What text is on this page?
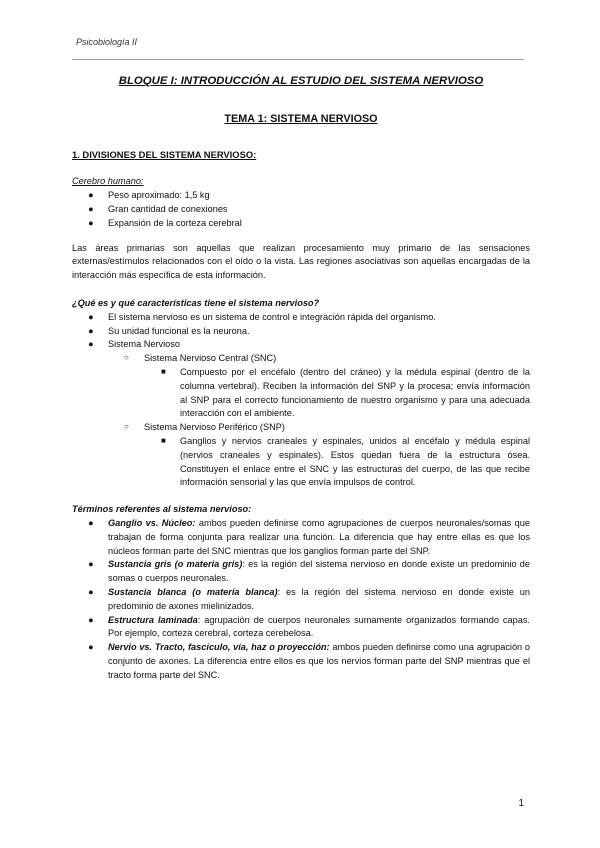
Psicobiología II

BLOQUE I: INTRODUCCIÓN AL ESTUDIO DEL SISTEMA NERVIOSO

TEMA 1: SISTEMA NERVIOSO

1. DIVISIONES DEL SISTEMA NERVIOSO:

Cerebro humano:

● Peso aproximado: 1,5 kg
● Gran cantidad de conexiones
● Expansión de la corteza cerebral

Las áreas primarias son aquellas que realizan procesamiento muy primario de las sensaciones externas/estímulos relacionados con el oído o la vista. Las regiones asociativas son aquellas encargadas de la interacción más específica de esta información.

¿Qué es y qué características tiene el sistema nervioso?

● El sistema nervioso es un sistema de control e integración rápida del organismo.
● Su unidad funcional es la neurona.
● Sistema Nervioso
○ Sistema Nervioso Central (SNC)
■ Compuesto por el encéfalo (dentro del cráneo) y la médula espinal (dentro de la columna vertebral). Reciben la información del SNP y la procesa; envía información al SNP para el correcto funcionamiento de nuestro organismo y para una adecuada interacción con el ambiente.
○ Sistema Nervioso Periférico (SNP)
■ Ganglios y nervios craneales y espinales, unidos al encéfalo y médula espinal (nervios craneales y espinales). Estos quedan fuera de la estructura ósea. Constituyen el enlace entre el SNC y las estructuras del cuerpo, de las que recibe información sensorial y las que envía impulsos de control.

Términos referentes al sistema nervioso:

● Ganglio vs. Núcleo: ambos pueden definirse como agrupaciones de cuerpos neuronales/somas que trabajan de forma conjunta para realizar una función. La diferencia que hay entre ellas es que los núcleos forman parte del SNC mientras que los ganglios forman parte del SNP.
● Sustancia gris (o materia gris): es la región del sistema nervioso en donde existe un predominio de somas o cuerpos neuronales.
● Sustancia blanca (o materia blanca): es la región del sistema nervioso en donde existe un predominio de axones mielinizados.
● Estructura laminada: agrupación de cuerpos neuronales sumamente organizados formando capas. Por ejemplo, corteza cerebral, corteza cerebelosa.
● Nervio vs. Tracto, fascículo, vía, haz o proyección: ambos pueden definirse como una agrupación o conjunto de axones. La diferencia entre ellos es que los nervios forman parte del SNP mientras que el tracto forma parte del SNC.
1
